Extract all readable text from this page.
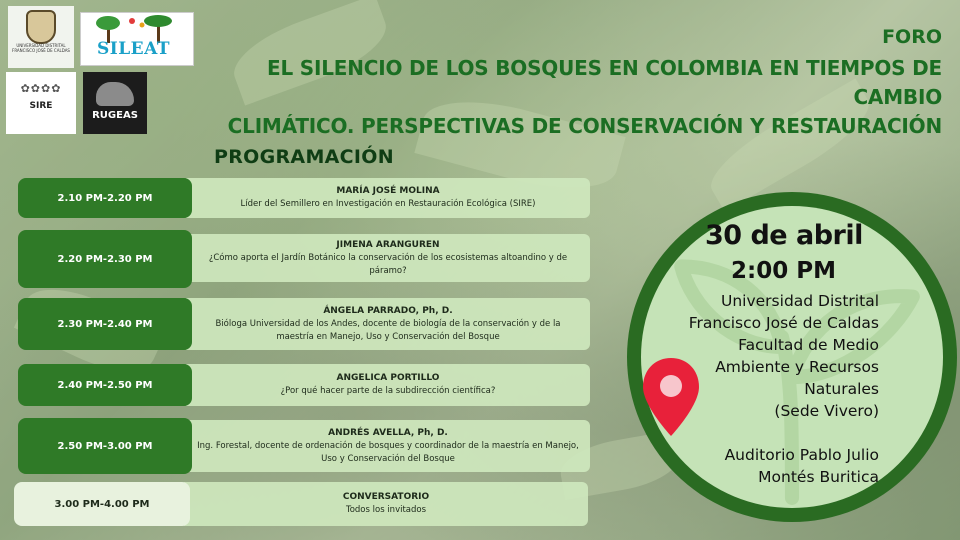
UNIVERSIDAD DISTRITAL
FRANCISCO JOSÉ DE CALDAS SILEAT
✿✿✿✿
SIRE
RUGEAS
FORO
EL SILENCIO DE LOS BOSQUES EN COLOMBIA EN TIEMPOS DE CAMBIO
CLIMÁTICO. PERSPECTIVAS DE CONSERVACIÓN Y RESTAURACIÓN
PROGRAMACIÓN
MARÍA JOSÉ MOLINA
Líder del Semillero en Investigación en Restauración Ecológica (SIRE)
2.10 PM-2.20 PM
JIMENA ARANGUREN
¿Cómo aporta el Jardín Botánico la conservación de los ecosistemas altoandino y de páramo?
2.20 PM-2.30 PM
ÁNGELA PARRADO, Ph, D.
Bióloga Universidad de los Andes, docente de biología de la conservación y de la maestría en Manejo, Uso y Conservación del Bosque
2.30 PM-2.40 PM
ANGELICA PORTILLO
¿Por qué hacer parte de la subdirección científica?
2.40 PM-2.50 PM
ANDRÉS AVELLA, Ph, D.
Ing. Forestal, docente de ordenación de bosques y coordinador de la maestría en Manejo, Uso y Conservación del Bosque
2.50 PM-3.00 PM
CONVERSATORIO
Todos los invitados
3.00 PM-4.00 PM
30 de abril
2:00 PM
Universidad Distrital
Francisco José de Caldas
Facultad de Medio
Ambiente y Recursos
Naturales
(Sede Vivero)
Auditorio Pablo Julio
Montés Buritica
